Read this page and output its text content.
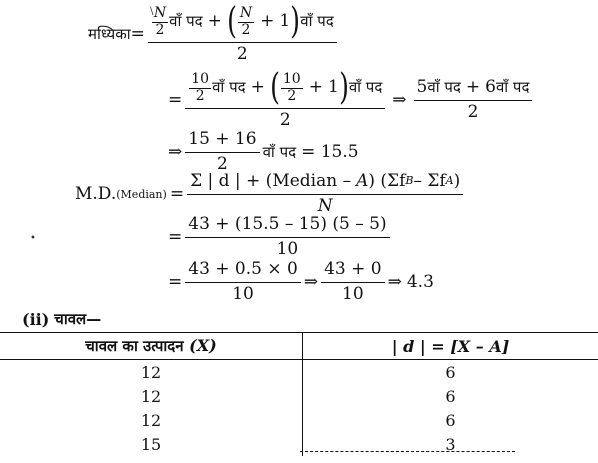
\
मध्यिका =
N
2 वाँ पद + ( N
2 + 1 ) वाँ पद
2
=
10
2 वाँ पद + ( 10
2 + 1 ) वाँ पद
2
⇒ $\frac{\text{5 वाँ पद + 6 वाँ पद}}{2}$
⇒ $\frac{15 + 16}{2}$ वाँ पद = 15.5
M.D. (Median) =
Σ | d | + (Median – A ) (Σf B – Σf A )
N
•	= $\frac{43 + (15.5 - 15) (5 - 5)}{10}$
= $\frac{43 + 0.5 \times 0}{10}$ ⇒ $\frac{43 + 0}{10}$ ⇒ 4.3
(ii) चावल—
चावल का उत्पादन (X)	| d | = [X – A]
12	6
12	6
12	6
15	3
